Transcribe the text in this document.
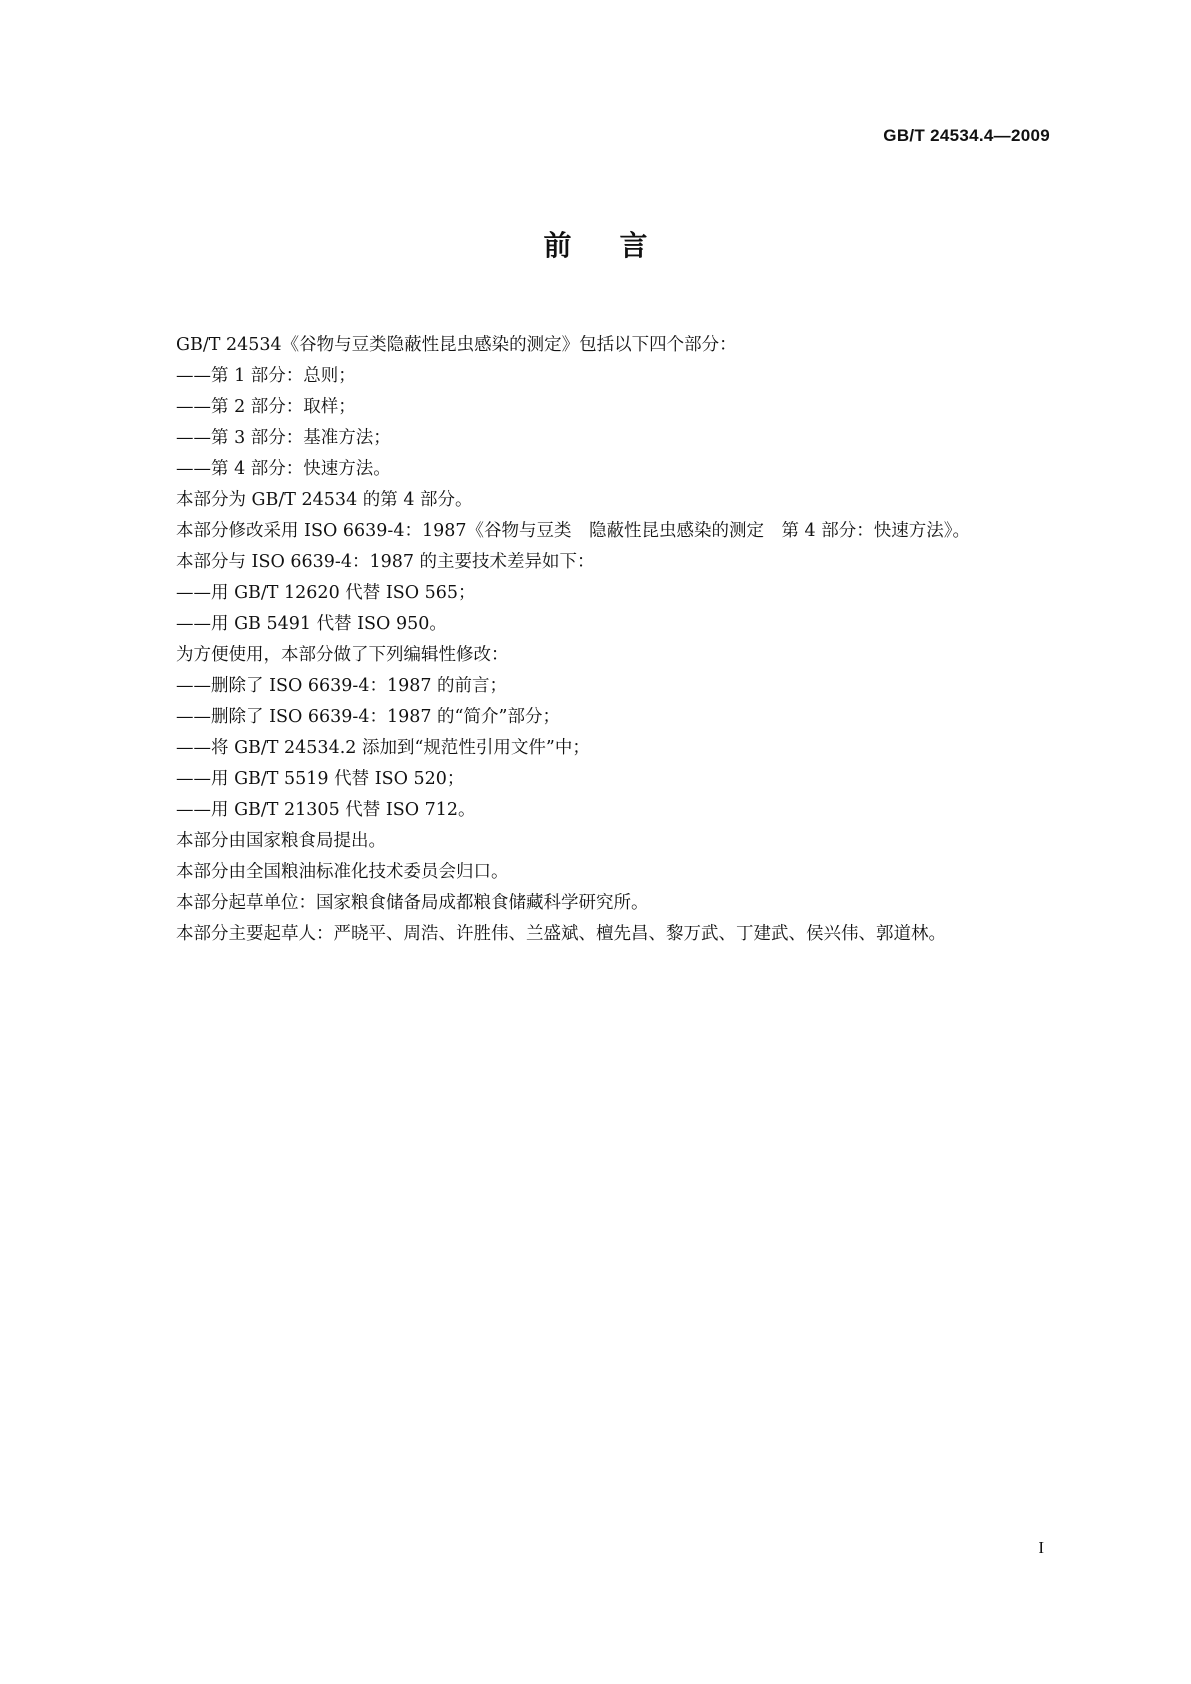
GB/T 24534.4—2009
前言
GB/T 24534《谷物与豆类隐蔽性昆虫感染的测定》包括以下四个部分：
——第 1 部分：总则；
——第 2 部分：取样；
——第 3 部分：基准方法；
——第 4 部分：快速方法。
本部分为 GB/T 24534 的第 4 部分。
本部分修改采用 ISO 6639-4：1987《谷物与豆类　隐蔽性昆虫感染的测定　第 4 部分：快速方法》。
本部分与 ISO 6639-4：1987 的主要技术差异如下：
——用 GB/T 12620 代替 ISO 565；
——用 GB 5491 代替 ISO 950。
为方便使用，本部分做了下列编辑性修改：
——删除了 ISO 6639-4：1987 的前言；
——删除了 ISO 6639-4：1987 的“简介”部分；
——将 GB/T 24534.2 添加到“规范性引用文件”中；
——用 GB/T 5519 代替 ISO 520；
——用 GB/T 21305 代替 ISO 712。
本部分由国家粮食局提出。
本部分由全国粮油标准化技术委员会归口。
本部分起草单位：国家粮食储备局成都粮食储藏科学研究所。
本部分主要起草人：严晓平、周浩、许胜伟、兰盛斌、檀先昌、黎万武、丁建武、侯兴伟、郭道林。
I
